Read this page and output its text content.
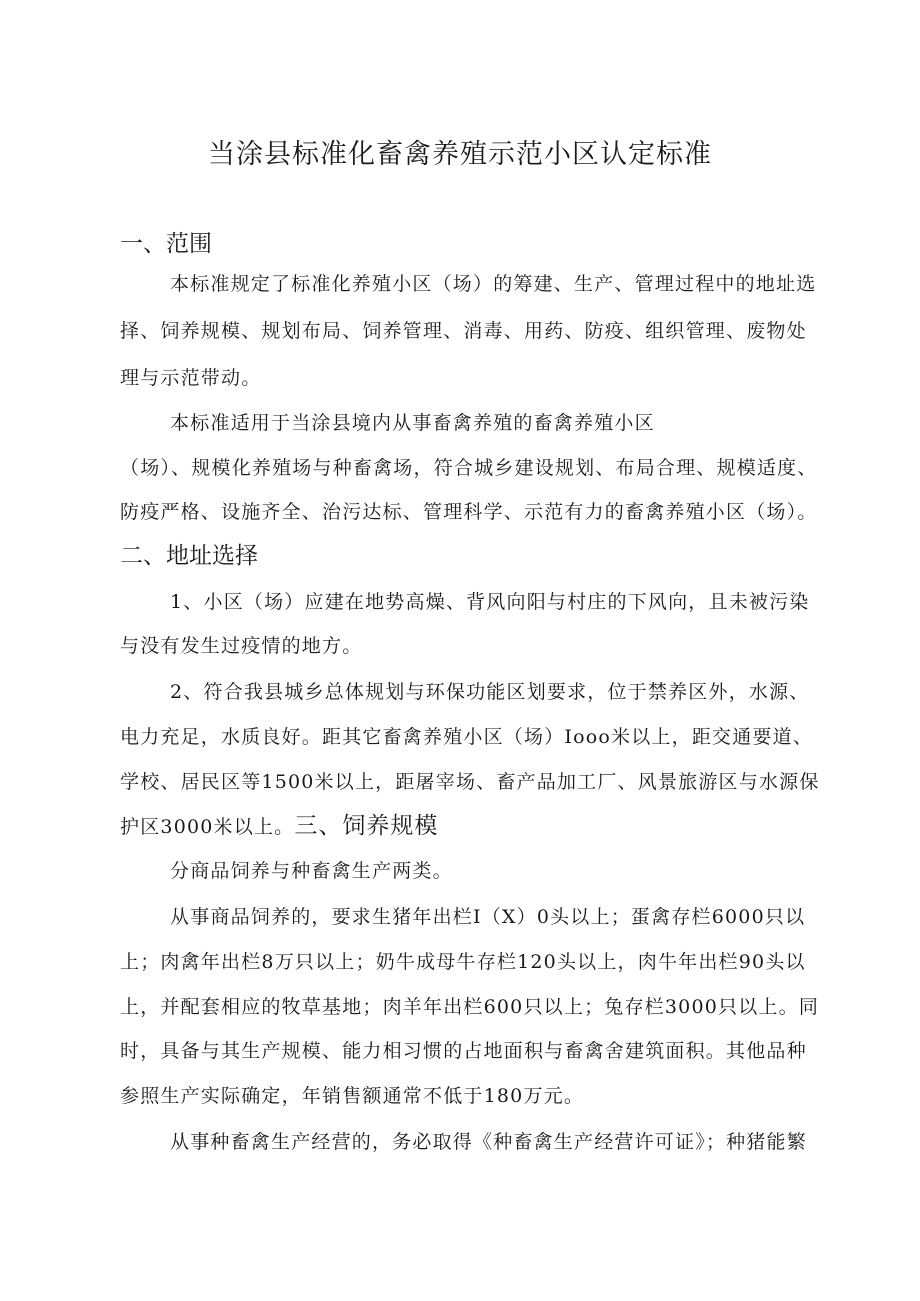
当涂县标准化畜禽养殖示范小区认定标准
一、范围

本标准规定了标准化养殖小区（场）的筹建、生产、管理过程中的地址选

择、饲养规模、规划布局、饲养管理、消毒、用药、防疫、组织管理、废物处

理与示范带动。

本标准适用于当涂县境内从事畜禽养殖的畜禽养殖小区

（场）、规模化养殖场与种畜禽场，符合城乡建设规划、布局合理、规模适度、

防疫严格、设施齐全、治污达标、管理科学、示范有力的畜禽养殖小区（场）。

二、地址选择

1、小区（场）应建在地势高燥、背风向阳与村庄的下风向，且未被污染

与没有发生过疫情的地方。

2、符合我县城乡总体规划与环保功能区划要求，位于禁养区外，水源、

电力充足，水质良好。距其它畜禽养殖小区（场）Iooo米以上，距交通要道、

学校、居民区等1500米以上，距屠宰场、畜产品加工厂、风景旅游区与水源保

护区3000米以上。三、饲养规模

分商品饲养与种畜禽生产两类。

从事商品饲养的，要求生猪年出栏I（X）0头以上；蛋禽存栏6000只以

上；肉禽年出栏8万只以上；奶牛成母牛存栏120头以上，肉牛年出栏90头以

上，并配套相应的牧草基地；肉羊年出栏600只以上；兔存栏3000只以上。同

时，具备与其生产规模、能力相习惯的占地面积与畜禽舍建筑面积。其他品种

参照生产实际确定，年销售额通常不低于180万元。

从事种畜禽生产经营的，务必取得《种畜禽生产经营许可证》；种猪能繁
